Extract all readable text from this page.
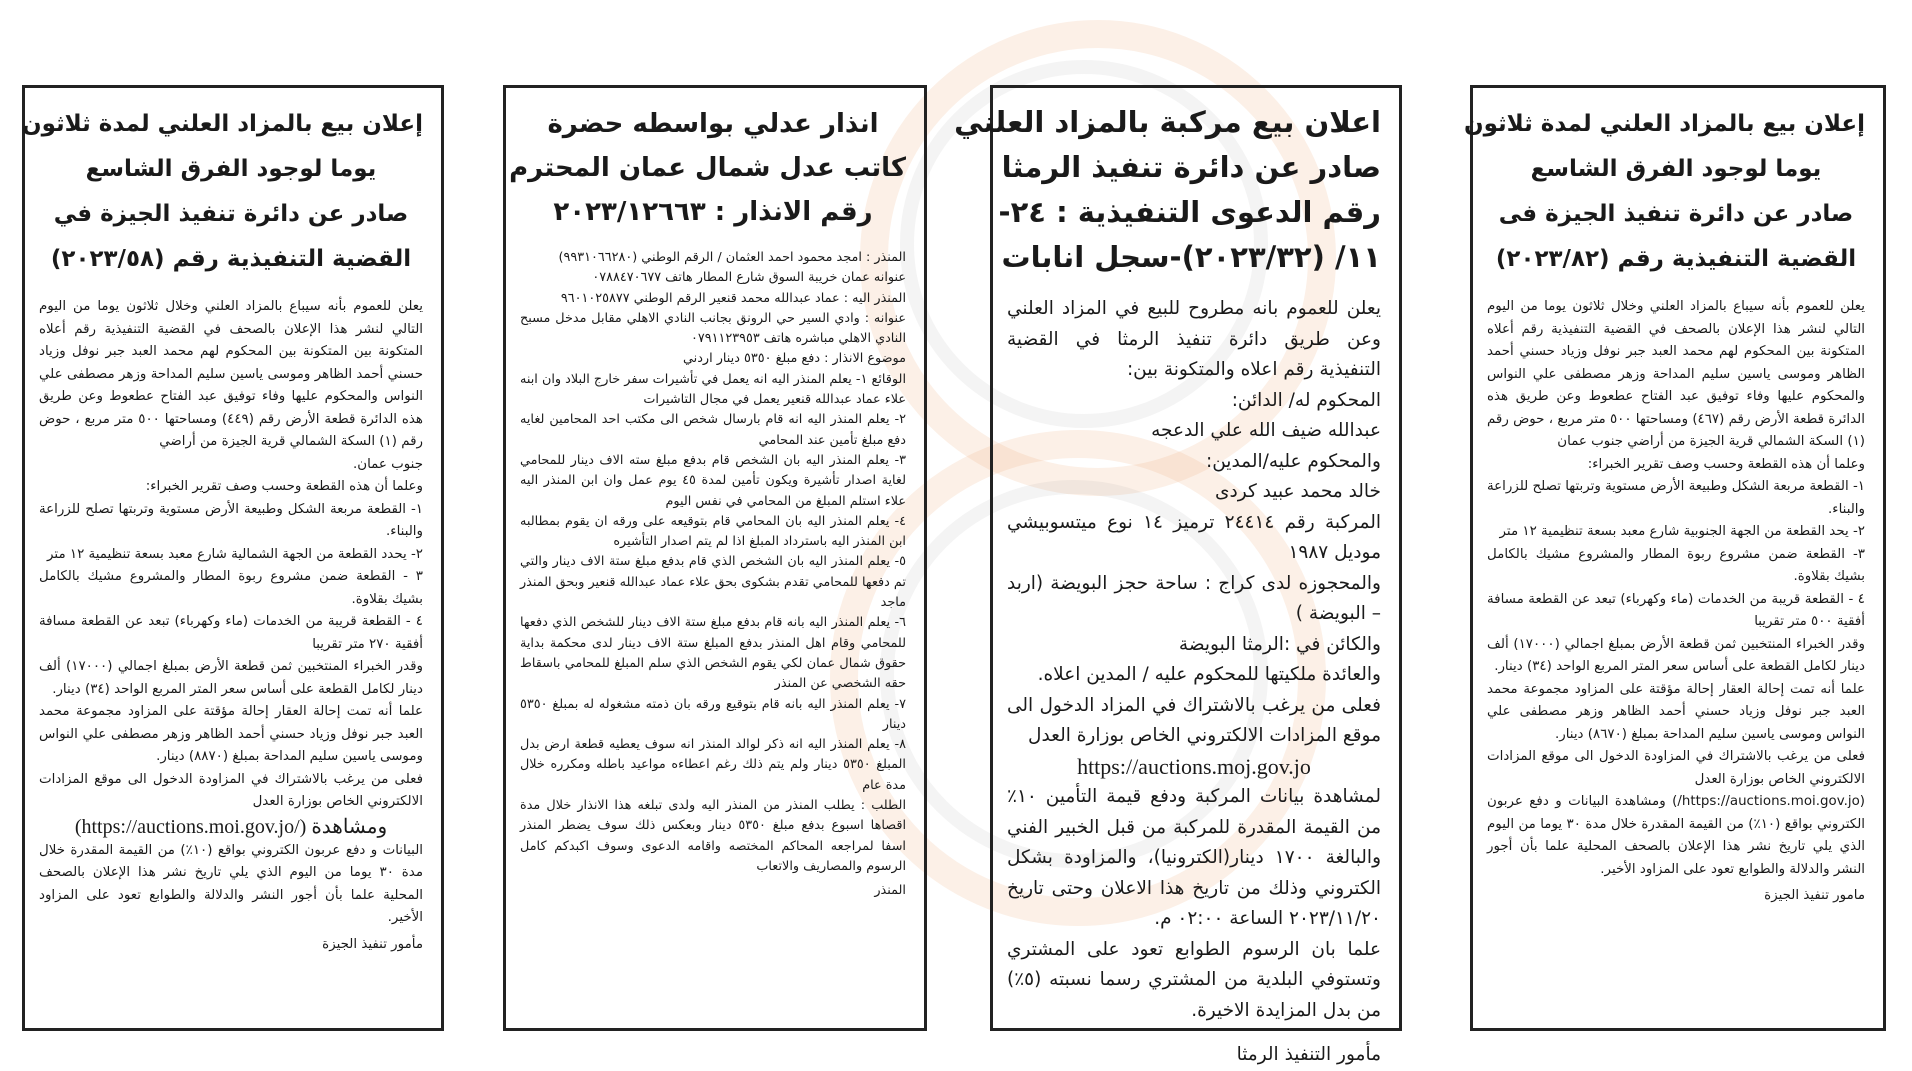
إعلان بيع بالمزاد العلني لمدة ثلاثون
يوما لوجود الفرق الشاسع
صادر عن دائرة تنفيذ الجيزة فى
القضية التنفيذية رقم (٢٠٢٣/٨٢)

يعلن للعموم بأنه سيباع بالمزاد العلني وخلال ثلاثون يوما من اليوم التالي لنشر هذا الإعلان بالصحف في القضية التنفيذية رقم أعلاه المتكونة بين المحكوم لهم محمد العبد جبر نوفل وزياد حسني أحمد الظاهر وموسى ياسين سليم المداحة وزهر مصطفى علي النواس والمحكوم عليها وفاء توفيق عبد الفتاح عطعوط وعن طريق هذه الدائرة قطعة الأرض رقم (٤٦٧) ومساحتها ٥٠٠ متر مربع ، حوض رقم (١) السكة الشمالي قرية الجيزة من أراضي جنوب عمان

وعلما أن هذه القطعة وحسب وصف تقرير الخبراء:

١- القطعة مربعة الشكل وطبيعة الأرض مستوية وتربتها تصلح للزراعة والبناء.

٢- يحد القطعة من الجهة الجنوبية شارع معبد بسعة تنظيمية ١٢ متر

٣- القطعة ضمن مشروع ربوة المطار والمشروع مشيك بالكامل بشيك بقلاوة.

٤ - القطعة قريبة من الخدمات (ماء وكهرباء) تبعد عن القطعة مسافة أفقية ٥٠٠ متر تقريبا

وقدر الخبراء المنتخبين ثمن قطعة الأرض بمبلغ اجمالي (١٧٠٠٠) ألف دينار لكامل القطعة على أساس سعر المتر المربع الواحد (٣٤) دينار.

علما أنه تمت إحالة العقار إحالة مؤقتة على المزاود مجموعة محمد العبد جبر نوفل وزياد حسني أحمد الظاهر وزهر مصطفى علي النواس وموسى ياسين سليم المداحة بمبلغ (٨٦٧٠) دينار.

فعلى من يرغب بالاشتراك في المزاودة الدخول الى موقع المزادات الالكتروني الخاص بوزارة العدل

(https://auctions.moi.gov.jo/) ومشاهدة البيانات و دفع عربون الكتروني بواقع (١٠٪) من القيمة المقدرة خلال مدة ٣٠ يوما من اليوم الذي يلي تاريخ نشر هذا الإعلان بالصحف المحلية علما بأن أجور النشر والدلالة والطوابع تعود على المزاود الأخير.

مامور تنفيذ الجيزة

اعلان بيع مركبة بالمزاد العلني
صادر عن دائرة تنفيذ الرمثا
رقم الدعوى التنفيذية : ٢٤-
١١/ (٢٠٢٣/٣٢)-سجل انابات

يعلن للعموم بانه مطروح للبيع في المزاد العلني وعن طريق دائرة تنفيذ الرمثا في القضية التنفيذية رقم اعلاه والمتكونة بين:

المحكوم له/ الدائن:

عبدالله ضيف الله علي الدعجه

والمحكوم عليه/المدين:

خالد محمد عبيد كردى

المركبة رقم ٢٤٤١٤ ترميز ١٤ نوع ميتسوبيشي موديل ١٩٨٧

والمحجوزه لدى كراج : ساحة حجز البويضة (اربد – البويضة )

والكائن في :الرمثا البويضة

والعائدة ملكيتها للمحكوم عليه / المدين اعلاه.

فعلى من يرغب بالاشتراك في المزاد الدخول الى موقع المزادات الالكتروني الخاص بوزارة العدل

https://auctions.moj.gov.jo

لمشاهدة بيانات المركبة ودفع قيمة التأمين ١٠٪ من القيمة المقدرة للمركبة من قبل الخبير الفني والبالغة ١٧٠٠ دينار(الكترونيا)، والمزاودة بشكل الكتروني وذلك من تاريخ هذا الاعلان وحتى تاريخ ٢٠٢٣/١١/٢٠ الساعة ٠٢:٠٠ م.

علما بان الرسوم الطوابع تعود على المشتري وتستوفي البلدية من المشتري رسما نسبته (٥٪) من بدل المزايدة الاخيرة.

مأمور التنفيذ الرمثا

انذار عدلي بواسطه حضرة
كاتب عدل شمال عمان المحترم
رقم الانذار : ٢٠٢٣/١٢٦٦٣

المنذر : امجد محمود احمد العثمان / الرقم الوطني (٩٩٣١٠٦٦٢٨٠)

عنوانه عمان خريبة السوق شارع المطار هاتف ٠٧٨٨٤٧٠٦٧٧

المنذر اليه : عماد عبدالله محمد قنعير الرقم الوطني ٩٦٠١٠٢٥٨٧٧

عنوانه : وادي السير حي الرونق بجانب النادي الاهلي مقابل مدخل مسبح النادي الاهلي مباشره هاتف ٠٧٩١١٢٣٩٥٣

موضوع الانذار : دفع مبلغ ٥٣٥٠ دينار اردني

الوقائع ١- يعلم المنذر اليه انه يعمل في تأشيرات سفر خارج البلاد وان ابنه علاء عماد عبدالله قنعير يعمل في مجال التاشيرات

٢- يعلم المنذر اليه انه قام بارسال شخص الى مكتب احد المحامين لغايه دفع مبلغ تأمين عند المحامي

٣- يعلم المنذر اليه بان الشخص قام بدفع مبلغ سته الاف دينار للمحامي لغاية اصدار تأشيرة ويكون تأمين لمدة ٤٥ يوم عمل وان ابن المنذر اليه علاء استلم المبلغ من المحامي في نفس اليوم

٤- يعلم المنذر اليه بان المحامي قام بتوقيعه على ورقه ان يقوم بمطالبه ابن المنذر اليه باسترداد المبلغ اذا لم يتم اصدار التأشيره

٥- يعلم المنذر اليه بان الشخص الذي قام بدفع مبلغ ستة الاف دينار والتي تم دفعها للمحامي تقدم بشكوى بحق علاء عماد عبدالله قنعير وبحق المنذر ماجد

٦- يعلم المنذر اليه بانه قام بدفع مبلغ ستة الاف دينار للشخص الذي دفعها للمحامي وقام اهل المنذر بدفع المبلغ ستة الاف دينار لدى محكمة بداية حقوق شمال عمان لكي يقوم الشخص الذي سلم المبلغ للمحامي باسقاط حقه الشخصي عن المنذر

٧- يعلم المنذر اليه بانه قام بتوقيع ورقه بان ذمته مشغوله له بمبلغ ٥٣٥٠ دينار

٨- يعلم المنذر اليه انه ذكر لوالد المنذر انه سوف يعطيه قطعة ارض بدل المبلغ ٥٣٥٠ دينار ولم يتم ذلك رغم اعطاءه مواعيد باطله ومكرره خلال مدة عام

الطلب : يطلب المنذر من المنذر اليه ولدى تبلغه هذا الانذار خلال مدة اقصاها اسبوع بدفع مبلغ ٥٣٥٠ دينار وبعكس ذلك سوف يضطر المنذر اسفا لمراجعه المحاكم المختصه واقامه الدعوى وسوف اكبدكم كامل الرسوم والمصاريف والاتعاب

المنذر

إعلان بيع بالمزاد العلني لمدة ثلاثون
يوما لوجود الفرق الشاسع
صادر عن دائرة تنفيذ الجيزة في
القضية التنفيذية رقم (٢٠٢٣/٥٨)

يعلن للعموم بأنه سيباع بالمزاد العلني وخلال ثلاثون يوما من اليوم التالي لنشر هذا الإعلان بالصحف في القضية التنفيذية رقم أعلاه المتكونة بين المتكونة بين المحكوم لهم محمد العبد جبر نوفل وزياد حسني أحمد الظاهر وموسى ياسين سليم المداحة وزهر مصطفى علي النواس والمحكوم عليها وفاء توفيق عبد الفتاح عطعوط وعن طريق هذه الدائرة قطعة الأرض رقم (٤٤٩) ومساحتها ٥٠٠ متر مربع ، حوض رقم (١) السكة الشمالي قرية الجيزة من أراضي

جنوب عمان.

وعلما أن هذه القطعة وحسب وصف تقرير الخبراء:

١- القطعة مربعة الشكل وطبيعة الأرض مستوية وتربتها تصلح للزراعة والبناء.

٢- يحدد القطعة من الجهة الشمالية شارع معبد بسعة تنظيمية ١٢ متر

٣ - القطعة ضمن مشروع ربوة المطار والمشروع مشيك بالكامل بشيك بقلاوة.

٤ - القطعة قريبة من الخدمات (ماء وكهرباء) تبعد عن القطعة مسافة أفقية ٢٧٠ متر تقريبا

وقدر الخبراء المنتخبين ثمن قطعة الأرض بمبلغ اجمالي (١٧٠٠٠) ألف دينار لكامل القطعة على أساس سعر المتر المربع الواحد (٣٤) دينار.

علما أنه تمت إحالة العقار إحالة مؤقتة على المزاود مجموعة محمد العبد جبر نوفل وزياد حسني أحمد الظاهر وزهر مصطفى علي النواس وموسى ياسين سليم المداحة بمبلغ (٨٨٧٠) دينار.

فعلى من يرغب بالاشتراك في المزاودة الدخول الى موقع المزادات الالكتروني الخاص بوزارة العدل

(https://auctions.moi.gov.jo/) ومشاهدة

البيانات و دفع عربون الكتروني بواقع (١٠٪) من القيمة المقدرة خلال مدة ٣٠ يوما من اليوم الذي يلي تاريخ نشر هذا الإعلان بالصحف المحلية علما بأن أجور النشر والدلالة والطوابع تعود على المزاود الأخير.

مأمور تنفيذ الجيزة
